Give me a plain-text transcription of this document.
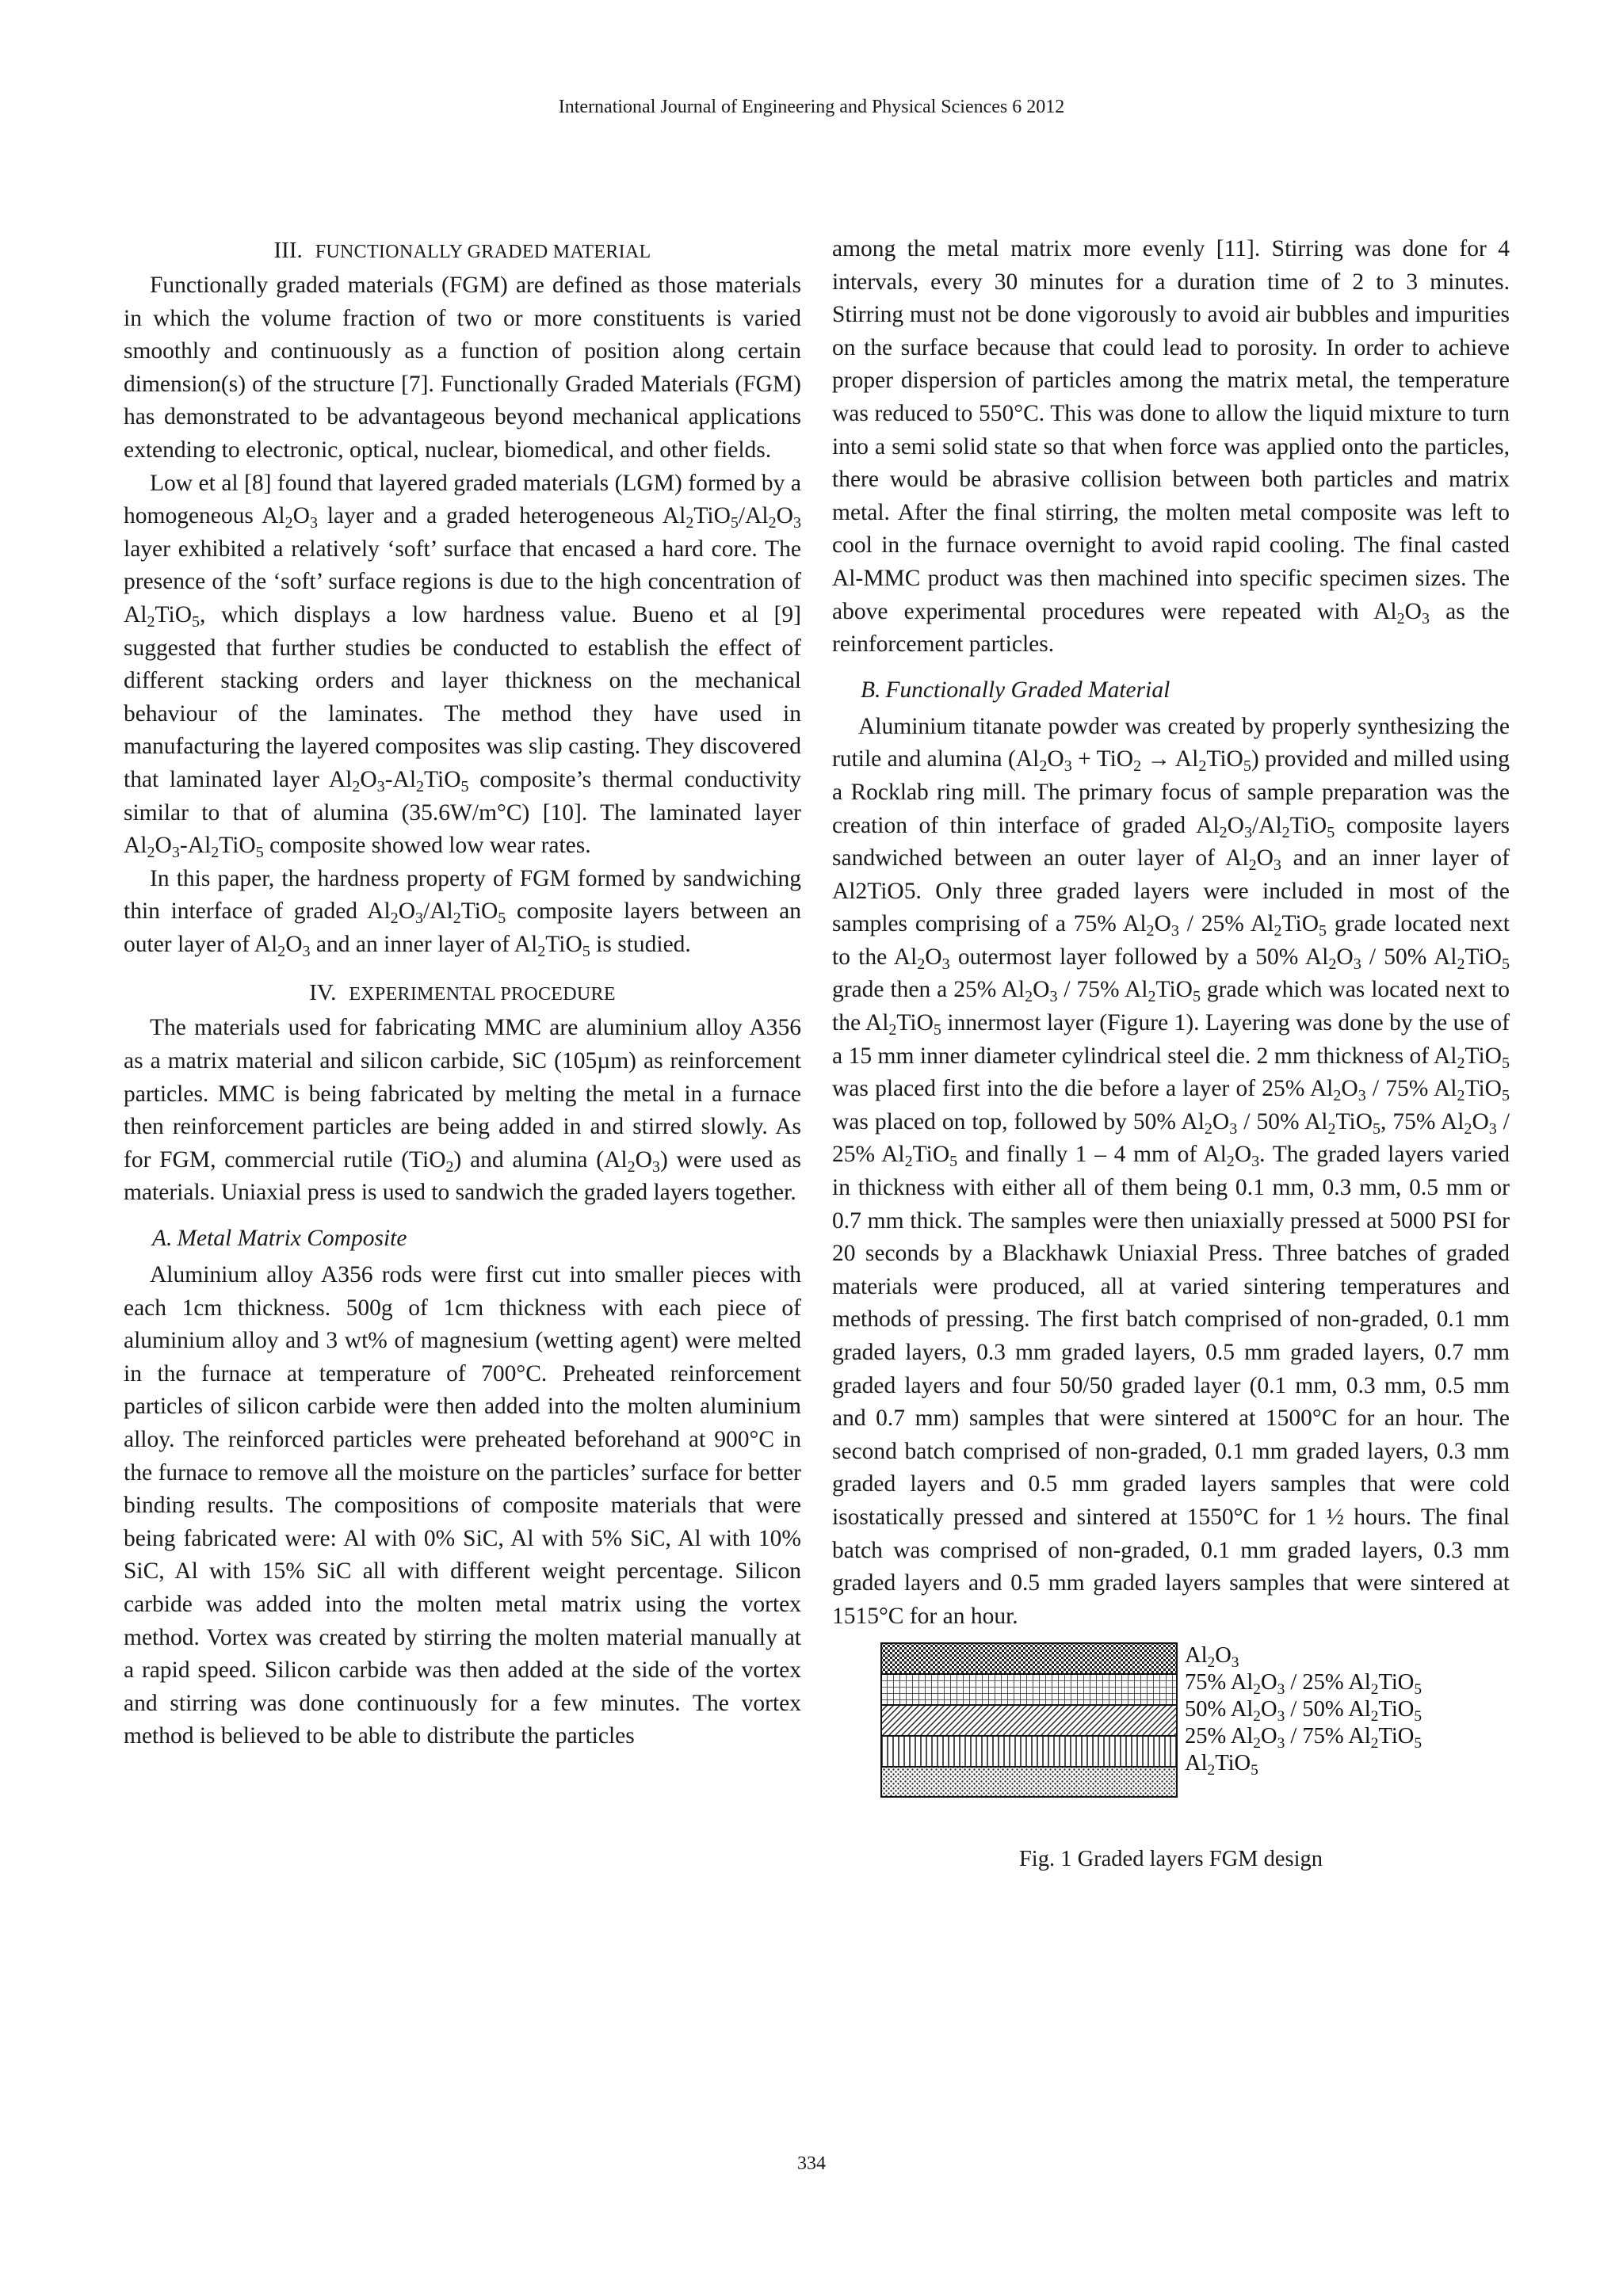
International Journal of Engineering and Physical Sciences 6 2012
III. FUNCTIONALLY GRADED MATERIAL

Functionally graded materials (FGM) are defined as those materials in which the volume fraction of two or more constituents is varied smoothly and continuously as a function of position along certain dimension(s) of the structure [7]. Functionally Graded Materials (FGM) has demonstrated to be advantageous beyond mechanical applications extending to electronic, optical, nuclear, biomedical, and other fields.

Low et al [8] found that layered graded materials (LGM) formed by a homogeneous $Al_2O_3$ layer and a graded heterogeneous $Al_2TiO_5/Al_2O_3$ layer exhibited a relatively ‘soft’ surface that encased a hard core. The presence of the ‘soft’ surface regions is due to the high concentration of $Al_2TiO_5$, which displays a low hardness value. Bueno et al [9] suggested that further studies be conducted to establish the effect of different stacking orders and layer thickness on the mechanical behaviour of the laminates. The method they have used in manufacturing the layered composites was slip casting. They discovered that laminated layer $Al_2O_3-Al_2TiO_5$ composite’s thermal conductivity similar to that of alumina (35.6W/m°C) [10]. The laminated layer $Al_2O_3-Al_2TiO_5$ composite showed low wear rates.

In this paper, the hardness property of FGM formed by sandwiching thin interface of graded $Al_2O_3/Al_2TiO_5$ composite layers between an outer layer of $Al_2O_3$ and an inner layer of $Al_2TiO_5$ is studied.

IV. EXPERIMENTAL PROCEDURE

The materials used for fabricating MMC are aluminium alloy A356 as a matrix material and silicon carbide, SiC (105µm) as reinforcement particles. MMC is being fabricated by melting the metal in a furnace then reinforcement particles are being added in and stirred slowly. As for FGM, commercial rutile (TiO$_2$) and alumina $(Al_2O_3)$ were used as materials. Uniaxial press is used to sandwich the graded layers together.

A. Metal Matrix Composite

Aluminium alloy A356 rods were first cut into smaller pieces with each 1cm thickness. 500g of 1cm thickness with each piece of aluminium alloy and 3 wt% of magnesium (wetting agent) were melted in the furnace at temperature of 700°C. Preheated reinforcement particles of silicon carbide were then added into the molten aluminium alloy. The reinforced particles were preheated beforehand at 900°C in the furnace to remove all the moisture on the particles’ surface for better binding results. The compositions of composite materials that were being fabricated were: Al with 0% SiC, Al with 5% SiC, Al with 10% SiC, Al with 15% SiC all with different weight percentage. Silicon carbide was added into the molten metal matrix using the vortex method. Vortex was created by stirring the molten material manually at a rapid speed. Silicon carbide was then added at the side of the vortex and stirring was done continuously for a few minutes. The vortex method is believed to be able to distribute the particles

among the metal matrix more evenly [11]. Stirring was done for 4 intervals, every 30 minutes for a duration time of 2 to 3 minutes. Stirring must not be done vigorously to avoid air bubbles and impurities on the surface because that could lead to porosity. In order to achieve proper dispersion of particles among the matrix metal, the temperature was reduced to 550°C. This was done to allow the liquid mixture to turn into a semi solid state so that when force was applied onto the particles, there would be abrasive collision between both particles and matrix metal. After the final stirring, the molten metal composite was left to cool in the furnace overnight to avoid rapid cooling. The final casted Al-MMC product was then machined into specific specimen sizes. The above experimental procedures were repeated with $Al_2O_3$ as the reinforcement particles.

B. Functionally Graded Material

Aluminium titanate powder was created by properly synthesizing the rutile and alumina $(Al_2O_3 + TiO_2 \to Al_2TiO_5)$ provided and milled using a Rocklab ring mill. The primary focus of sample preparation was the creation of thin interface of graded $Al_2O_3/Al_2TiO_5$ composite layers sandwiched between an outer layer of $Al_2O_3$ and an inner layer of Al2TiO5. Only three graded layers were included in most of the samples comprising of a 75% $Al_2O_3 / 25\%$ $Al_2TiO_5$ grade located next to the $Al_2O_3$ outermost layer followed by a 50% $Al_2O_3 / 50\%$ $Al_2TiO_5$ grade then a 25% $Al_2O_3 / 75\%$ $Al_2TiO_5$ grade which was located next to the $Al_2TiO_5$ innermost layer (Figure 1). Layering was done by the use of a 15 mm inner diameter cylindrical steel die. 2 mm thickness of $Al_2TiO_5$ was placed first into the die before a layer of 25% $Al_2O_3 / 75\%$ $Al_2TiO_5$ was placed on top, followed by 50% $Al_2O_3 / 50\%$ $Al_2TiO_5$, 75% $Al_2O_3 / 25\%$ $Al_2TiO_5$ and finally 1 – 4 mm of $Al_2O_3$. The graded layers varied in thickness with either all of them being 0.1 mm, 0.3 mm, 0.5 mm or 0.7 mm thick. The samples were then uniaxially pressed at 5000 PSI for 20 seconds by a Blackhawk Uniaxial Press. Three batches of graded materials were produced, all at varied sintering temperatures and methods of pressing. The first batch comprised of non-graded, 0.1 mm graded layers, 0.3 mm graded layers, 0.5 mm graded layers, 0.7 mm graded layers and four 50/50 graded layer (0.1 mm, 0.3 mm, 0.5 mm and 0.7 mm) samples that were sintered at 1500°C for an hour. The second batch comprised of non-graded, 0.1 mm graded layers, 0.3 mm graded layers and 0.5 mm graded layers samples that were cold isostatically pressed and sintered at 1550°C for 1 ½ hours. The final batch was comprised of non-graded, 0.1 mm graded layers, 0.3 mm graded layers and 0.5 mm graded layers samples that were sintered at 1515°C for an hour.

$Al_2O_3$
75% $Al_2O_3 / 25\%$ $Al_2TiO_5$
50% $Al_2O_3 / 50\%$ $Al_2TiO_5$
25% $Al_2O_3 / 75\%$ $Al_2TiO_5$
$Al_2TiO_5$
Fig. 1 Graded layers FGM design
334
